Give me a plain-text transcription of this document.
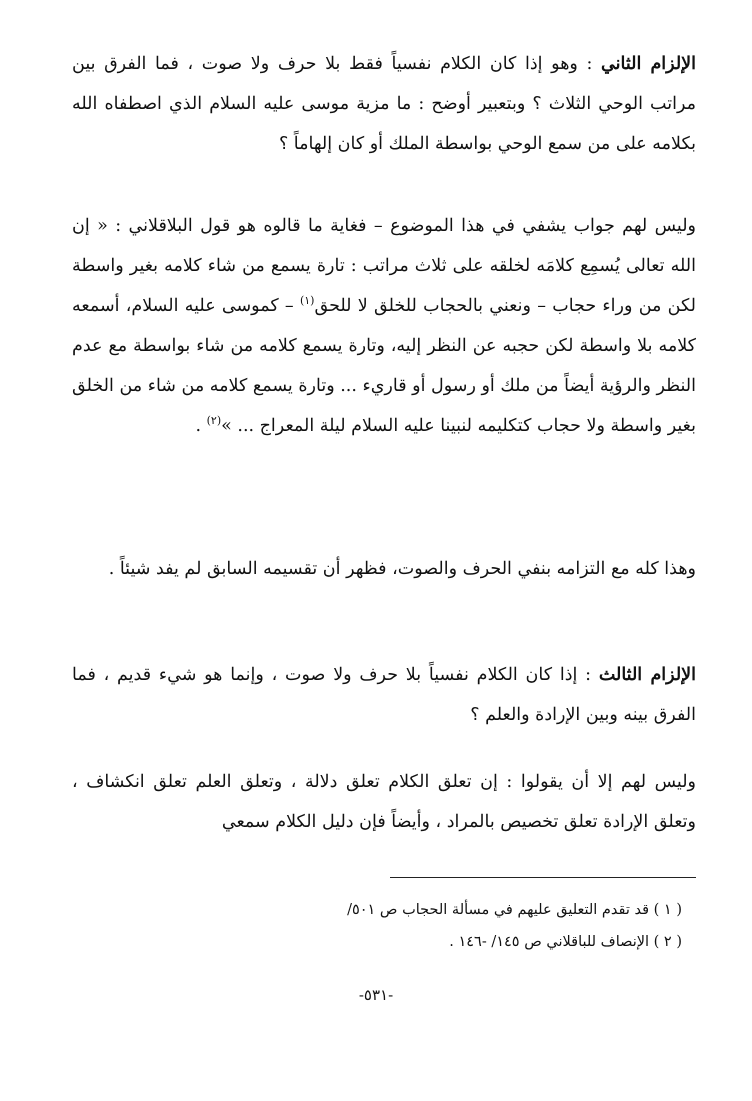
الإلزام الثاني : وهو إذا كان الكلام نفسياً فقط بلا حرف ولا صوت ، فما الفرق بين مراتب الوحي الثلاث ؟ وبتعبير أوضح : ما مزية موسى عليه السلام الذي اصطفاه الله بكلامه على من سمع الوحي بواسطة الملك أو كان إلهاماً ؟

وليس لهم جواب يشفي في هذا الموضوع – فغاية ما قالوه هو قول البلاقلاني : « إن الله تعالى يُسمِع كلامَه لخلقه على ثلاث مراتب : تارة يسمع من شاء كلامه بغير واسطة لكن من وراء حجاب – ونعني بالحجاب للخلق لا للحق$^{(١)}$ – كموسى عليه السلام، أسمعه كلامه بلا واسطة لكن حجبه عن النظر إليه، وتارة يسمع كلامه من شاء بواسطة مع عدم النظر والرؤية أيضاً من ملك أو رسول أو قاريء ... وتارة يسمع كلامه من شاء من الخلق بغير واسطة ولا حجاب كتكليمه لنبينا عليه السلام ليلة المعراج ... »$^{(٢)}$ .

وهذا كله مع التزامه بنفي الحرف والصوت، فظهر أن تقسيمه السابق لم يفد شيئاً .

الإلزام الثالث : إذا كان الكلام نفسياً بلا حرف ولا صوت ، وإنما هو شيء قديم ، فما الفرق بينه وبين الإرادة والعلم ؟

وليس لهم إلا أن يقولوا : إن تعلق الكلام تعلق دلالة ، وتعلق العلم تعلق انكشاف ، وتعلق الإرادة تعلق تخصيص بالمراد ، وأيضاً فإن دليل الكلام سمعي

( ١ ) قد تقدم التعليق عليهم في مسألة الحجاب ص ٥٠١/
( ٢ ) الإنصاف للباقلاني ص ١٤٥/ -١٤٦ .
-٥٣١-
